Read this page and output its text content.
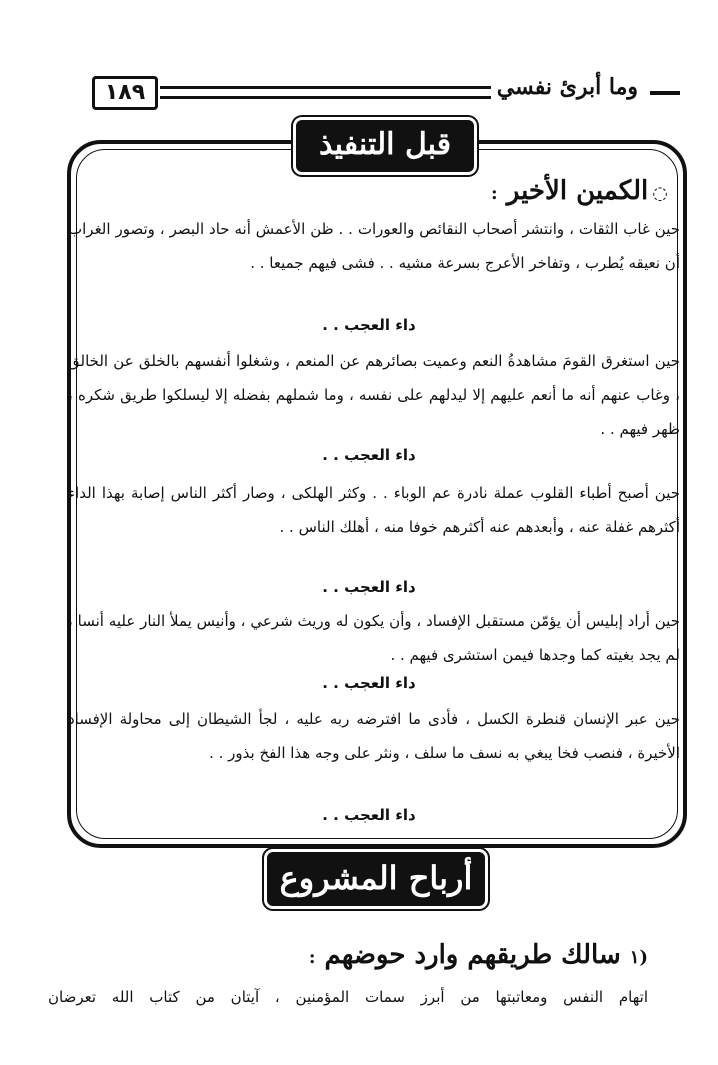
١٨٩	وما أبرئ نفسي
قبل التنفيذ
◌الكمين الأخير :
حين غاب الثقات ، وانتشر أصحاب النقائص والعورات . . ظن الأعمش أنه حاد البصر ، وتصور الغراب أن نعيقه يُطرب ، وتفاخر الأعرج بسرعة مشيه . . فشى فيهم جميعا . .
داء العجب . .
حين استغرق القومَ مشاهدةُ النعم وعميت بصائرهم عن المنعم ، وشغلوا أنفسهم بالخلق عن الخالق ، وغاب عنهم أنه ما أنعم عليهم إلا ليدلهم على نفسه ، وما شملهم بفضله إلا ليسلكوا طريق شكره ، ظهر فيهم . .
داء العجب . .
حين أصبح أطباء القلوب عملة نادرة عم الوباء . . وكثر الهلكى ، وصار أكثر الناس إصابة بهذا الداء أكثرهم غفلة عنه ، وأبعدهم عنه أكثرهم خوفا منه ، أهلك الناس . .
داء العجب . .
حين أراد إبليس أن يؤمّن مستقبل الإفساد ، وأن يكون له وريث شرعي ، وأنيس يملأ النار عليه أنسا ، لم يجد بغيته كما وجدها فيمن استشرى فيهم . .
داء العجب . .
حين عبر الإنسان قنطرة الكسل ، فأدى ما افترضه ربه عليه ، لجأ الشيطان إلى محاولة الإفساد الأخيرة ، فنصب فخا يبغي به نسف ما سلف ، ونثر على وجه هذا الفخ بذور . .
داء العجب . .
أرباح المشروع
(١ سالك طريقهم وارد حوضهم :
اتهام النفس ومعاتبتها من أبرز سمات المؤمنين ، آيتان من كتاب الله تعرضان
